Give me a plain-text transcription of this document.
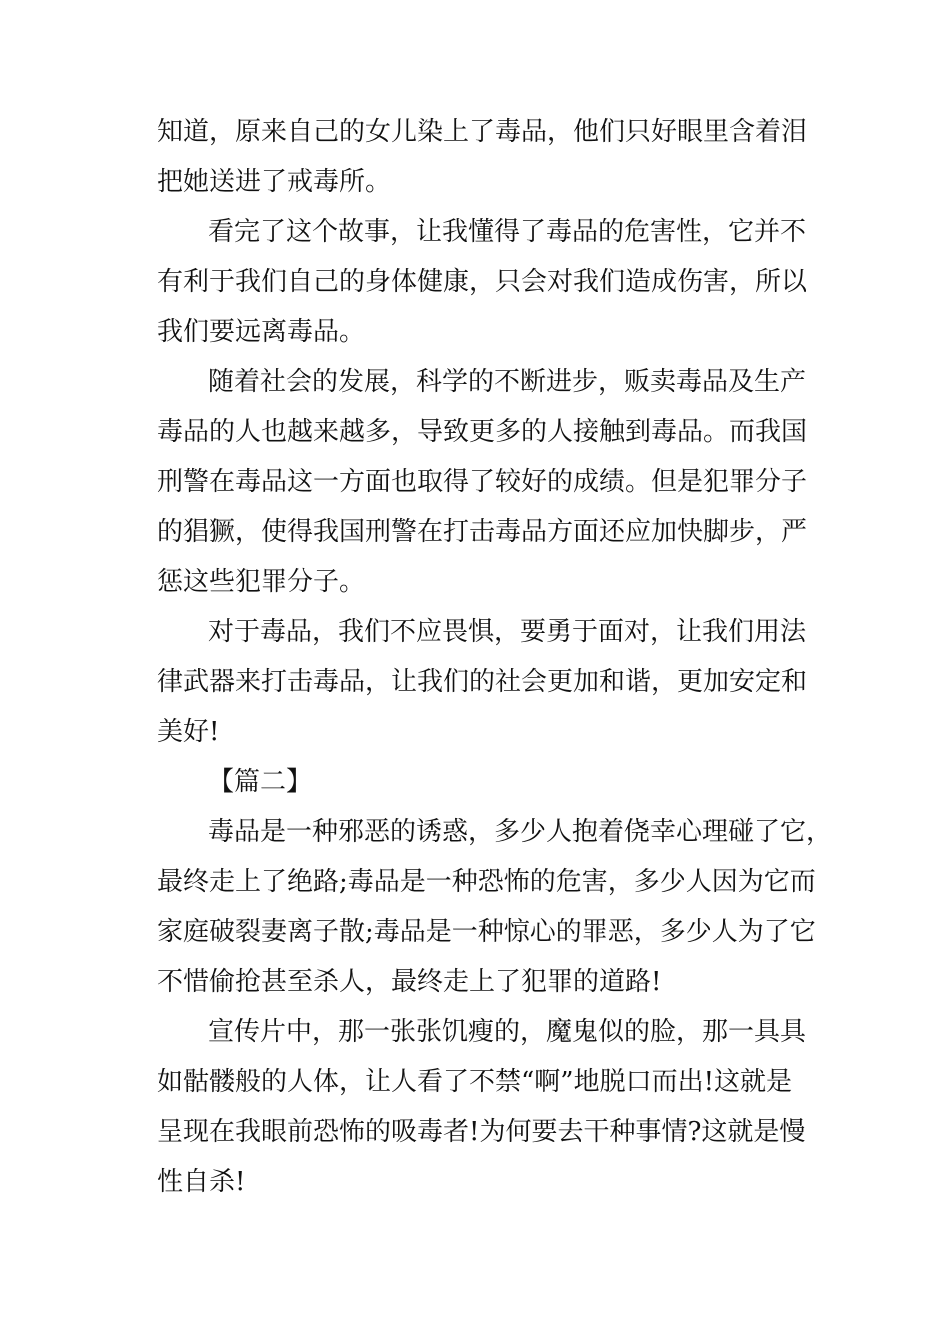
知道，原来自己的女儿染上了毒品，他们只好眼里含着泪
把她送进了戒毒所。
看完了这个故事，让我懂得了毒品的危害性，它并不
有利于我们自己的身体健康，只会对我们造成伤害，所以
我们要远离毒品。
随着社会的发展，科学的不断进步，贩卖毒品及生产
毒品的人也越来越多，导致更多的人接触到毒品。而我国
刑警在毒品这一方面也取得了较好的成绩。但是犯罪分子
的猖獗，使得我国刑警在打击毒品方面还应加快脚步，严
惩这些犯罪分子。
对于毒品，我们不应畏惧，要勇于面对，让我们用法
律武器来打击毒品，让我们的社会更加和谐，更加安定和
美好!
【篇二】
毒品是一种邪恶的诱惑，多少人抱着侥幸心理碰了它，
最终走上了绝路;毒品是一种恐怖的危害，多少人因为它而
家庭破裂妻离子散;毒品是一种惊心的罪恶，多少人为了它
不惜偷抢甚至杀人，最终走上了犯罪的道路!
宣传片中，那一张张饥瘦的，魔鬼似的脸，那一具具
如骷髅般的人体，让人看了不禁“啊”地脱口而出!这就是
呈现在我眼前恐怖的吸毒者!为何要去干种事情?这就是慢
性自杀!
